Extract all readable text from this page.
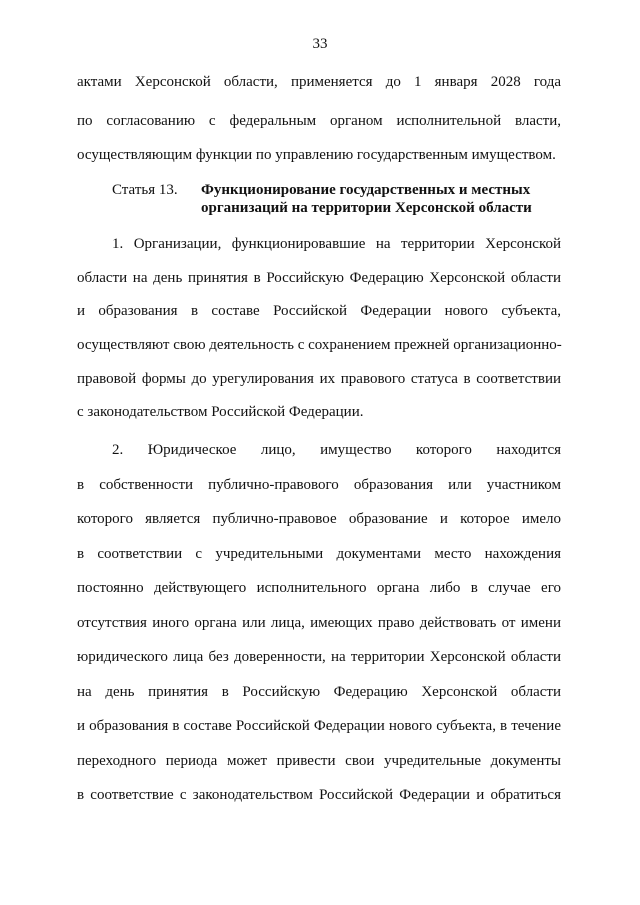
33
актами Херсонской области, применяется до 1 января 2028 года
по согласованию с федеральным органом исполнительной власти,
осуществляющим функции по управлению государственным имуществом.
Статья 13. Функционирование государственных и местных
организаций на территории Херсонской области
1. Организации, функционировавшие на территории Херсонской
области на день принятия в Российскую Федерацию Херсонской области
и образования в составе Российской Федерации нового субъекта,
осуществляют свою деятельность с сохранением прежней организационно-
правовой формы до урегулирования их правового статуса в соответствии
с законодательством Российской Федерации.
2. Юридическое лицо, имущество которого находится
в собственности публично-правового образования или участником
которого является публично-правовое образование и которое имело
в соответствии с учредительными документами место нахождения
постоянно действующего исполнительного органа либо в случае его
отсутствия иного органа или лица, имеющих право действовать от имени
юридического лица без доверенности, на территории Херсонской области
на день принятия в Российскую Федерацию Херсонской области
и образования в составе Российской Федерации нового субъекта, в течение
переходного периода может привести свои учредительные документы
в соответствие с законодательством Российской Федерации и обратиться
